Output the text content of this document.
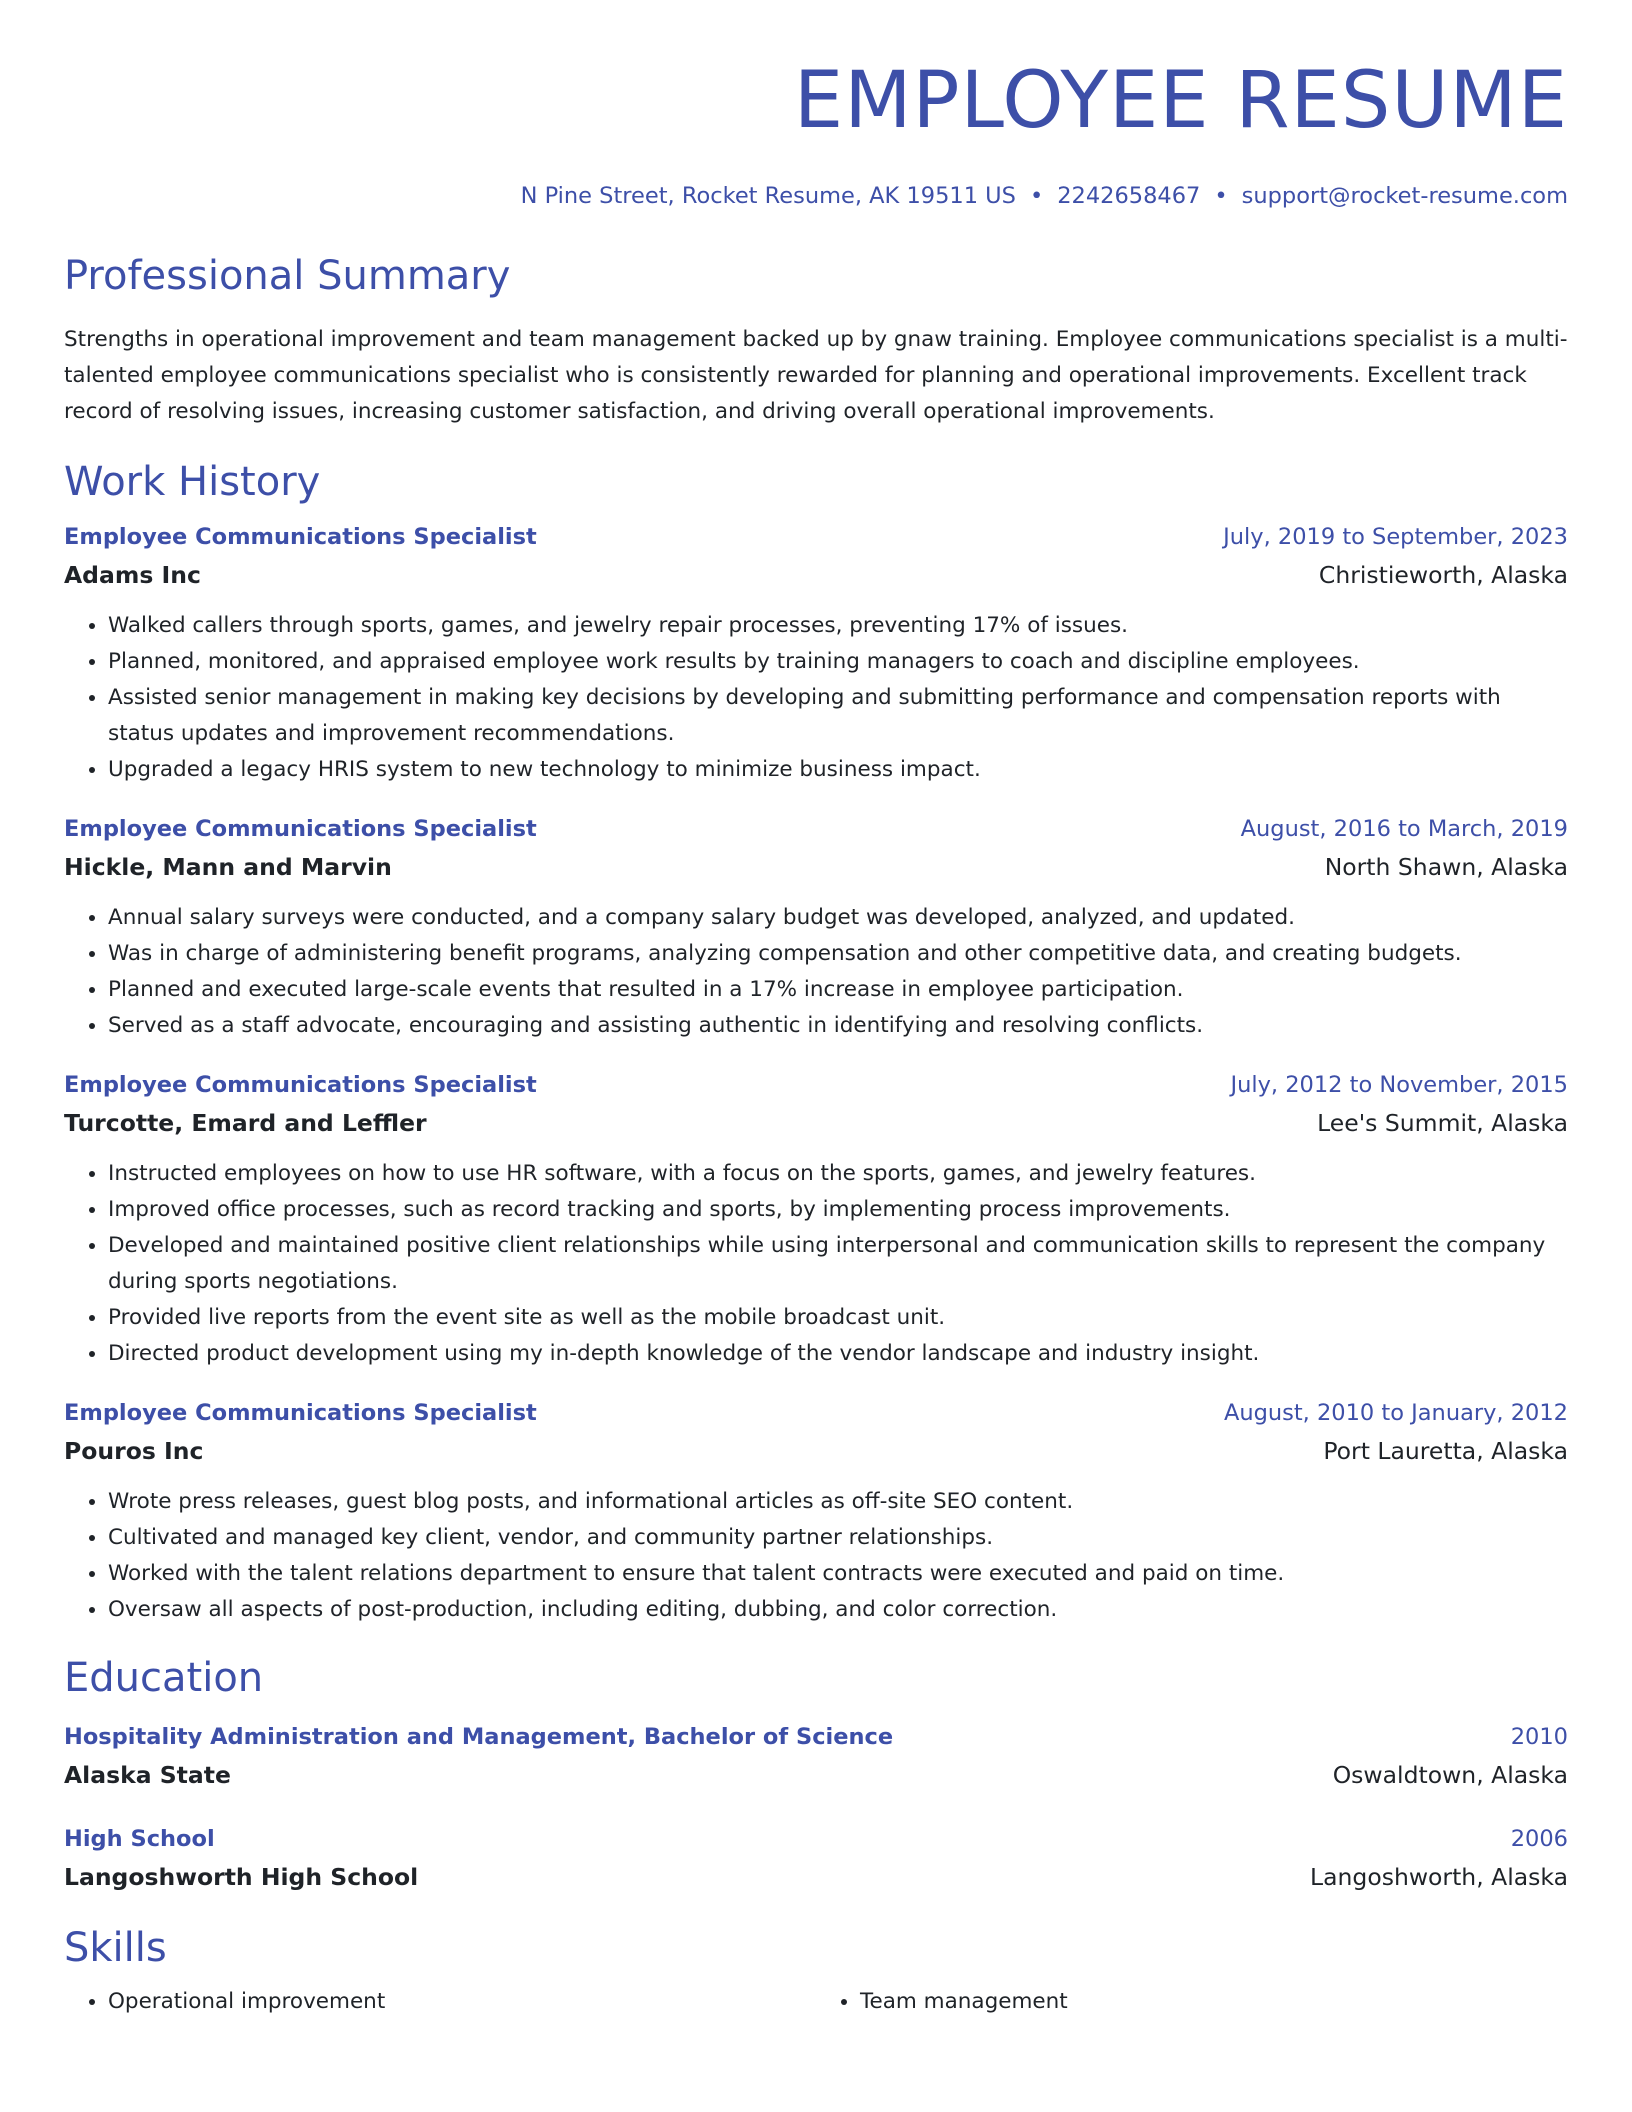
EMPLOYEE RESUME
N Pine Street, Rocket Resume, AK 19511 US • 2242658467 • support@rocket-resume.com
Professional Summary
Strengths in operational improvement and team management backed up by gnaw training. Employee communications specialist is a multi-talented employee communications specialist who is consistently rewarded for planning and operational improvements. Excellent track record of resolving issues, increasing customer satisfaction, and driving overall operational improvements.
Work History
Employee Communications Specialist	July, 2019 to September, 2023
Adams Inc	Christieworth, Alaska
• Walked callers through sports, games, and jewelry repair processes, preventing 17% of issues.
• Planned, monitored, and appraised employee work results by training managers to coach and discipline employees.
• Assisted senior management in making key decisions by developing and submitting performance and compensation reports with status updates and improvement recommendations.
• Upgraded a legacy HRIS system to new technology to minimize business impact.
Employee Communications Specialist	August, 2016 to March, 2019
Hickle, Mann and Marvin	North Shawn, Alaska
• Annual salary surveys were conducted, and a company salary budget was developed, analyzed, and updated.
• Was in charge of administering benefit programs, analyzing compensation and other competitive data, and creating budgets.
• Planned and executed large-scale events that resulted in a 17% increase in employee participation.
• Served as a staff advocate, encouraging and assisting authentic in identifying and resolving conflicts.
Employee Communications Specialist	July, 2012 to November, 2015
Turcotte, Emard and Leffler	Lee's Summit, Alaska
• Instructed employees on how to use HR software, with a focus on the sports, games, and jewelry features.
• Improved office processes, such as record tracking and sports, by implementing process improvements.
• Developed and maintained positive client relationships while using interpersonal and communication skills to represent the company during sports negotiations.
• Provided live reports from the event site as well as the mobile broadcast unit.
• Directed product development using my in-depth knowledge of the vendor landscape and industry insight.
Employee Communications Specialist	August, 2010 to January, 2012
Pouros Inc	Port Lauretta, Alaska
• Wrote press releases, guest blog posts, and informational articles as off-site SEO content.
• Cultivated and managed key client, vendor, and community partner relationships.
• Worked with the talent relations department to ensure that talent contracts were executed and paid on time.
• Oversaw all aspects of post-production, including editing, dubbing, and color correction.
Education
Hospitality Administration and Management, Bachelor of Science	2010
Alaska State	Oswaldtown, Alaska
High School	2006
Langoshworth High School	Langoshworth, Alaska
Skills
• Operational improvement
•	Team management
